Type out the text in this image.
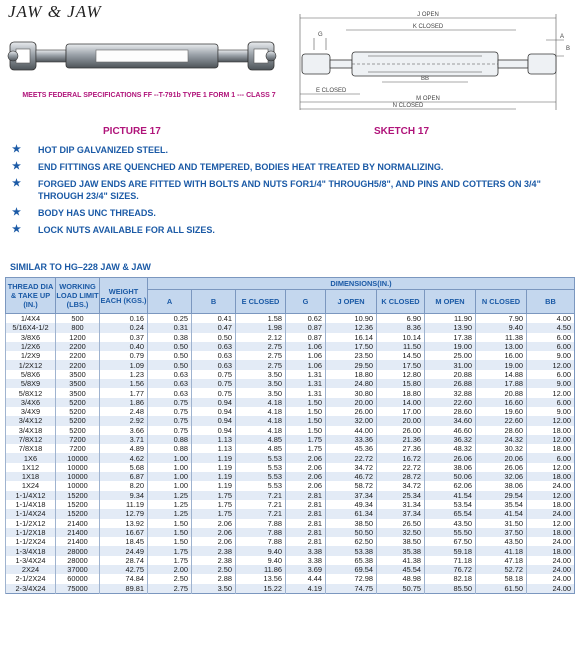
JAW & JAW	J OPEN
K CLOSED
G	A
B
BB
E CLOSED
M OPEN
N CLOSED
MEETS FEDERAL SPECIFICATIONS FF --T-791b TYPE 1 FORM 1 --- CLASS 7
PICTURE 17	SKETCH 17
★ HOT DIP GALVANIZED STEEL.
★ END FITTINGS ARE QUENCHED AND TEMPERED, BODIES HEAT TREATED BY NORMALIZING.
★ FORGED JAW ENDS ARE FITTED WITH BOLTS AND NUTS FOR1/4" THROUGH5/8", AND PINS AND COTTERS ON 3/4" THROUGH 23/4" SIZES.
★ BODY HAS UNC THREADS.
★ LOCK NUTS AVAILABLE FOR ALL SIZES.
SIMILAR TO HG–228 JAW & JAW
THREAD DIA & TAKE UP (IN.)	WORKING LOAD LIMIT (LBS.)	WEIGHT EACH (KGS.)	DIMENSIONS(IN.)								
			A	B	E CLOSED	G	J OPEN	K CLOSED	M OPEN	N CLOSED	BB
1/4X4	500	0.16	0.25	0.41	1.58	0.62	10.90	6.90	11.90	7.90	4.00
5/16X4-1/2	800	0.24	0.31	0.47	1.98	0.87	12.36	8.36	13.90	9.40	4.50
3/8X6	1200	0.37	0.38	0.50	2.12	0.87	16.14	10.14	17.38	11.38	6.00
1/2X6	2200	0.40	0.50	0.63	2.75	1.06	17.50	11.50	19.00	13.00	6.00
1/2X9	2200	0.79	0.50	0.63	2.75	1.06	23.50	14.50	25.00	16.00	9.00
1/2X12	2200	1.09	0.50	0.63	2.75	1.06	29.50	17.50	31.00	19.00	12.00
5/8X6	3500	1.23	0.63	0.75	3.50	1.31	18.80	12.80	20.88	14.88	6.00
5/8X9	3500	1.56	0.63	0.75	3.50	1.31	24.80	15.80	26.88	17.88	9.00
5/8X12	3500	1.77	0.63	0.75	3.50	1.31	30.80	18.80	32.88	20.88	12.00
3/4X6	5200	1.86	0.75	0.94	4.18	1.50	20.00	14.00	22.60	16.60	6.00
3/4X9	5200	2.48	0.75	0.94	4.18	1.50	26.00	17.00	28.60	19.60	9.00
3/4X12	5200	2.92	0.75	0.94	4.18	1.50	32.00	20.00	34.60	22.60	12.00
3/4X18	5200	3.66	0.75	0.94	4.18	1.50	44.00	26.00	46.60	28.60	18.00
7/8X12	7200	3.71	0.88	1.13	4.85	1.75	33.36	21.36	36.32	24.32	12.00
7/8X18	7200	4.89	0.88	1.13	4.85	1.75	45.36	27.36	48.32	30.32	18.00
1X6	10000	4.62	1.00	1.19	5.53	2.06	22.72	16.72	26.06	20.06	6.00
1X12	10000	5.68	1.00	1.19	5.53	2.06	34.72	22.72	38.06	26.06	12.00
1X18	10000	6.87	1.00	1.19	5.53	2.06	46.72	28.72	50.06	32.06	18.00
1X24	10000	8.20	1.00	1.19	5.53	2.06	58.72	34.72	62.06	38.06	24.00
1-1/4X12	15200	9.34	1.25	1.75	7.21	2.81	37.34	25.34	41.54	29.54	12.00
1-1/4X18	15200	11.19	1.25	1.75	7.21	2.81	49.34	31.34	53.54	35.54	18.00
1-1/4X24	15200	12.79	1.25	1.75	7.21	2.81	61.34	37.34	65.54	41.54	24.00
1-1/2X12	21400	13.92	1.50	2.06	7.88	2.81	38.50	26.50	43.50	31.50	12.00
1-1/2X18	21400	16.67	1.50	2.06	7.88	2.81	50.50	32.50	55.50	37.50	18.00
1-1/2X24	21400	18.45	1.50	2.06	7.88	2.81	62.50	38.50	67.50	43.50	24.00
1-3/4X18	28000	24.49	1.75	2.38	9.40	3.38	53.38	35.38	59.18	41.18	18.00
1-3/4X24	28000	28.74	1.75	2.38	9.40	3.38	65.38	41.38	71.18	47.18	24.00
2X24	37000	42.75	2.00	2.50	11.86	3.69	69.54	45.54	76.72	52.72	24.00
2-1/2X24	60000	74.84	2.50	2.88	13.56	4.44	72.98	48.98	82.18	58.18	24.00
2-3/4X24	75000	89.81	2.75	3.50	15.22	4.19	74.75	50.75	85.50	61.50	24.00
